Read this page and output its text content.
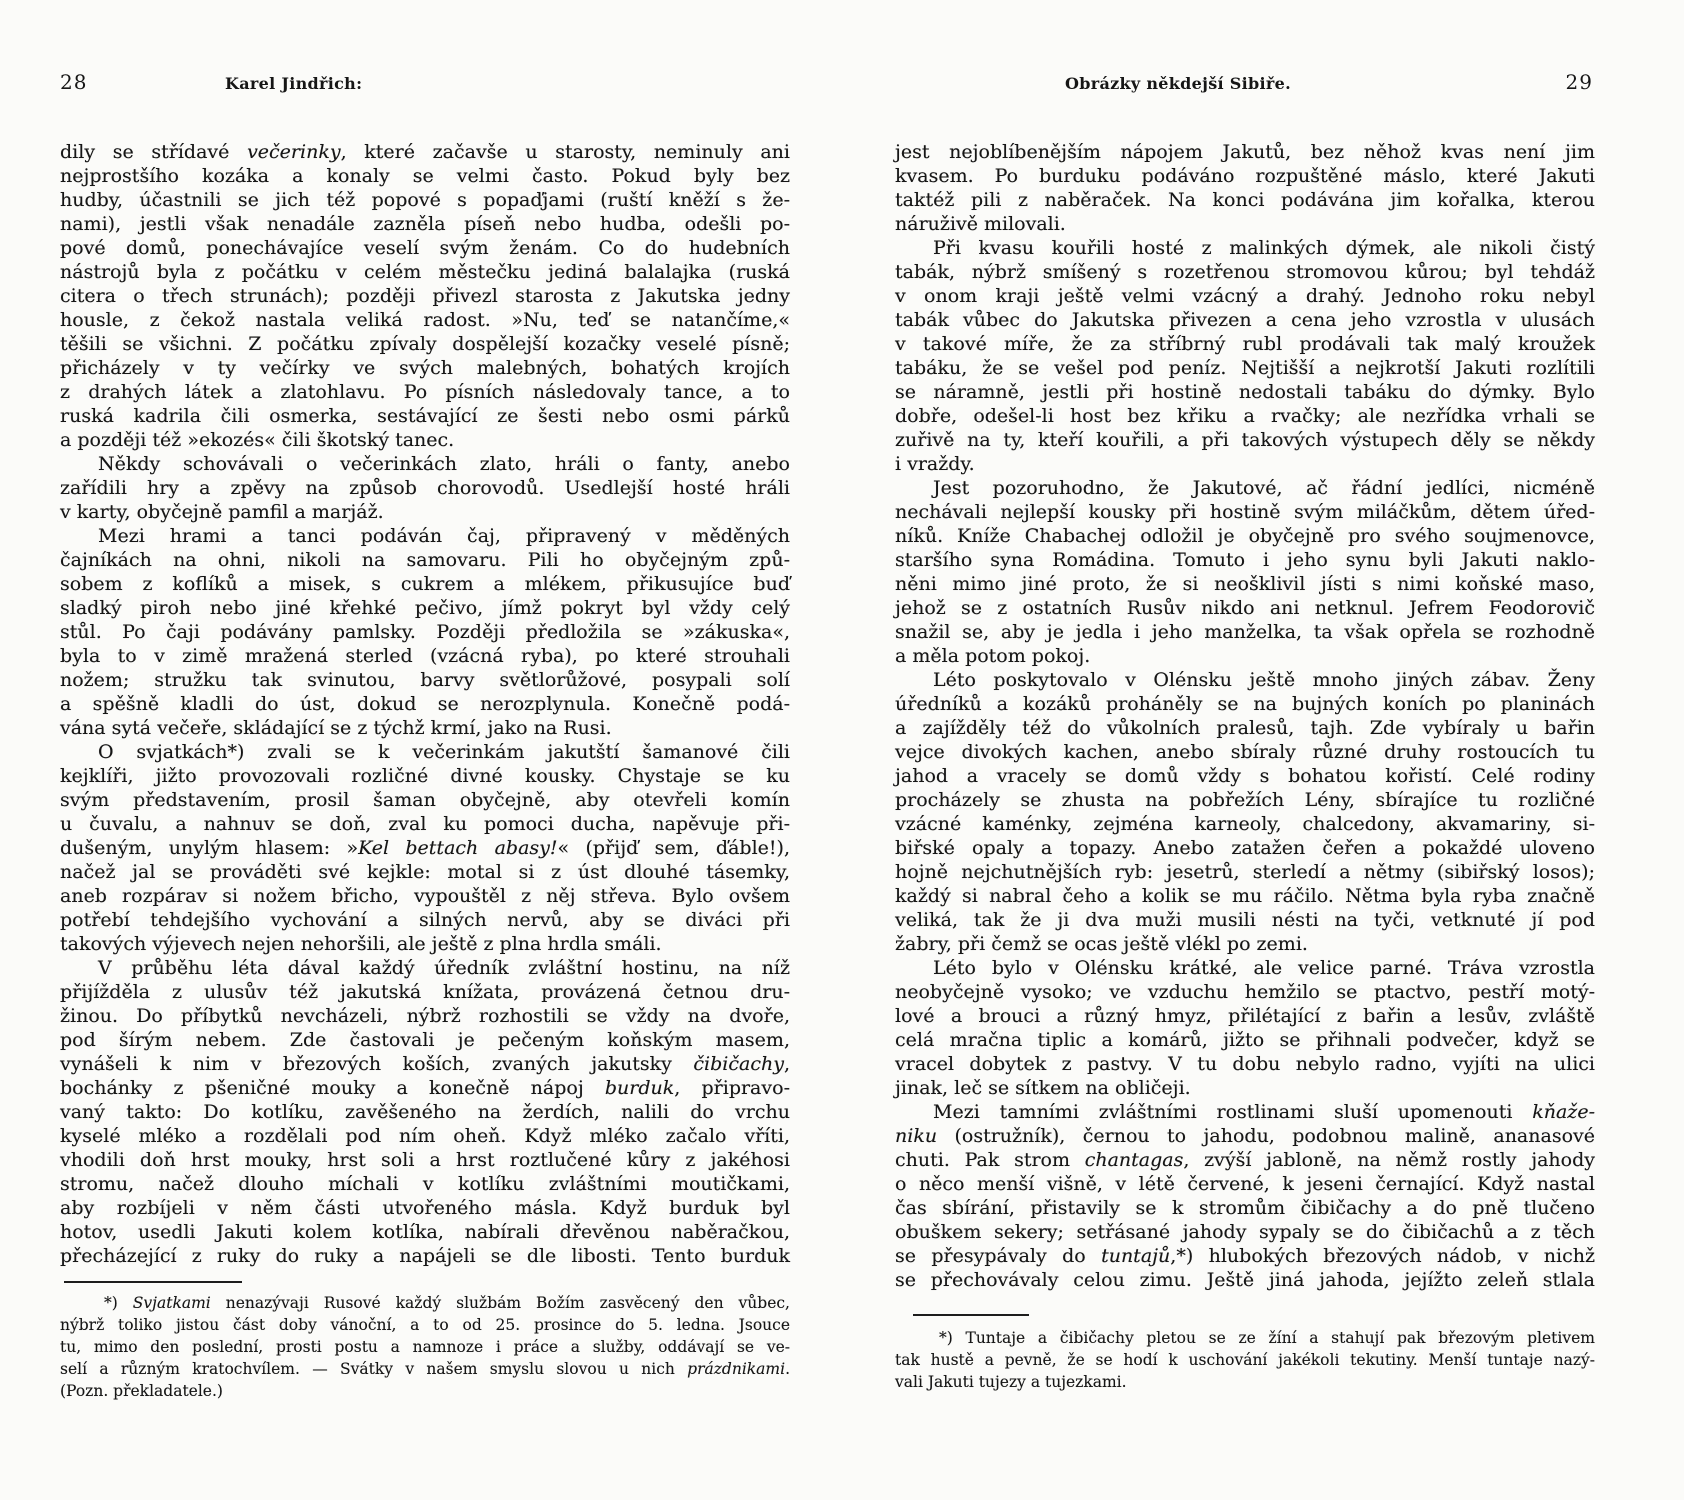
28	Karel Jindřich:
dily se střídavé večerinky, které začavše u starosty, neminuly ani
nejprostšího kozáka a konaly se velmi často. Pokud byly bez
hudby, účastnili se jich též popové s popaďjami (ruští kněží s že-
nami), jestli však nenadále zazněla píseň nebo hudba, odešli po-
pové domů, ponechávajíce veselí svým ženám. Co do hudebních
nástrojů byla z počátku v celém městečku jediná balalajka (ruská
citera o třech strunách); později přivezl starosta z Jakutska jedny
housle, z čekož nastala veliká radost. »Nu, teď se natančíme,«
těšili se všichni. Z počátku zpívaly dospělejší kozačky veselé písně;
přicházely v ty večírky ve svých malebných, bohatých krojích
z drahých látek a zlatohlavu. Po písních následovaly tance, a to
ruská kadrila čili osmerka, sestávající ze šesti nebo osmi párků
a později též »ekozés« čili škotský tanec.
Někdy schovávali o večerinkách zlato, hráli o fanty, anebo
zařídili hry a zpěvy na způsob chorovodů. Usedlejší hosté hráli
v karty, obyčejně pamfil a marjáž.
Mezi hrami a tanci podáván čaj, připravený v měděných
čajníkách na ohni, nikoli na samovaru. Pili ho obyčejným způ-
sobem z koflíků a misek, s cukrem a mlékem, přikusujíce buď
sladký piroh nebo jiné křehké pečivo, jímž pokryt byl vždy celý
stůl. Po čaji podávány pamlsky. Později předložila se »zákuska«,
byla to v zimě mražená sterled (vzácná ryba), po které strouhali
nožem; stružku tak svinutou, barvy světlorůžové, posypali solí
a spěšně kladli do úst, dokud se nerozplynula. Konečně podá-
vána sytá večeře, skládající se z týchž krmí, jako na Rusi.
O svjatkách*) zvali se k večerinkám jakutští šamanové čili
kejklíři, jižto provozovali rozličné divné kousky. Chystaje se ku
svým představením, prosil šaman obyčejně, aby otevřeli komín
u čuvalu, a nahnuv se doň, zval ku pomoci ducha, napěvuje při-
dušeným, unylým hlasem: »Kel bettach abasy!« (přijď sem, ďáble!),
načež jal se prováděti své kejkle: motal si z úst dlouhé tásemky,
aneb rozpárav si nožem břicho, vypouštěl z něj střeva. Bylo ovšem
potřebí tehdejšího vychování a silných nervů, aby se diváci při
takových výjevech nejen nehoršili, ale ještě z plna hrdla smáli.
V průběhu léta dával každý úředník zvláštní hostinu, na níž
přijížděla z ulusův též jakutská knížata, provázená četnou dru-
žinou. Do příbytků nevcházeli, nýbrž rozhostili se vždy na dvoře,
pod šírým nebem. Zde častovali je pečeným koňským masem,
vynášeli k nim v březových koších, zvaných jakutsky čibičachy,
bochánky z pšeničné mouky a konečně nápoj burduk, připravo-
vaný takto: Do kotlíku, zavěšeného na žerdích, nalili do vrchu
kyselé mléko a rozdělali pod ním oheň. Když mléko začalo vříti,
vhodili doň hrst mouky, hrst soli a hrst roztlučené kůry z jakéhosi
stromu, načež dlouho míchali v kotlíku zvláštními moutičkami,
aby rozbíjeli v něm části utvořeného másla. Když burduk byl
hotov, usedli Jakuti kolem kotlíka, nabírali dřevěnou naběračkou,
přecházející z ruky do ruky a napájeli se dle libosti. Tento burduk
*) Svjatkami nenazývaji Rusové každý službám Božím zasvěcený den vůbec,
nýbrž toliko jistou část doby vánoční, a to od 25. prosince do 5. ledna. Jsouce
tu, mimo den poslední, prosti postu a namnoze i práce a služby, oddávají se ve-
selí a různým kratochvílem. — Svátky v našem smyslu slovou u nich prázdnikami.
(Pozn. překladatele.)
29
Obrázky někdejší Sibiře.
jest nejoblíbenějším nápojem Jakutů, bez něhož kvas není jim
kvasem. Po burduku podáváno rozpuštěné máslo, které Jakuti
taktéž pili z naběraček. Na konci podávána jim kořalka, kterou
náruživě milovali.
Při kvasu kouřili hosté z malinkých dýmek, ale nikoli čistý
tabák, nýbrž smíšený s rozetřenou stromovou kůrou; byl tehdáž
v onom kraji ještě velmi vzácný a drahý. Jednoho roku nebyl
tabák vůbec do Jakutska přivezen a cena jeho vzrostla v ulusách
v takové míře, že za stříbrný rubl prodávali tak malý kroužek
tabáku, že se vešel pod peníz. Nejtišší a nejkrotší Jakuti rozlítili
se náramně, jestli při hostině nedostali tabáku do dýmky. Bylo
dobře, odešel-li host bez křiku a rvačky; ale nezřídka vrhali se
zuřivě na ty, kteří kouřili, a při takových výstupech děly se někdy
i vraždy.
Jest pozoruhodno, že Jakutové, ač řádní jedlíci, nicméně
nechávali nejlepší kousky při hostině svým miláčkům, dětem úřed-
níků. Kníže Chabachej odložil je obyčejně pro svého soujmenovce,
staršího syna Romádina. Tomuto i jeho synu byli Jakuti naklo-
něni mimo jiné proto, že si neošklivil jísti s nimi koňské maso,
jehož se z ostatních Rusův nikdo ani netknul. Jefrem Feodorovič
snažil se, aby je jedla i jeho manželka, ta však opřela se rozhodně
a měla potom pokoj.
Léto poskytovalo v Olénsku ještě mnoho jiných zábav. Ženy
úředníků a kozáků proháněly se na bujných koních po planinách
a zajížděly též do vůkolních pralesů, tajh. Zde vybíraly u bařin
vejce divokých kachen, anebo sbíraly různé druhy rostoucích tu
jahod a vracely se domů vždy s bohatou kořistí. Celé rodiny
procházely se zhusta na pobřežích Lény, sbírajíce tu rozličné
vzácné kaménky, zejména karneoly, chalcedony, akvamariny, si-
biřské opaly a topazy. Anebo zatažen čeřen a pokaždé uloveno
hojně nejchutnějších ryb: jesetrů, sterledí a nětmy (sibiřský losos);
každý si nabral čeho a kolik se mu ráčilo. Nětma byla ryba značně
veliká, tak že ji dva muži musili nésti na tyči, vetknuté jí pod
žabry, při čemž se ocas ještě vlékl po zemi.
Léto bylo v Olénsku krátké, ale velice parné. Tráva vzrostla
neobyčejně vysoko; ve vzduchu hemžilo se ptactvo, pestří motý-
lové a brouci a různý hmyz, přilétající z bařin a lesův, zvláště
celá mračna tiplic a komárů, jižto se přihnali podvečer, když se
vracel dobytek z pastvy. V tu dobu nebylo radno, vyjíti na ulici
jinak, leč se sítkem na obličeji.
Mezi tamními zvláštními rostlinami sluší upomenouti kňaže-
niku (ostružník), černou to jahodu, podobnou malině, ananasové
chuti. Pak strom chantagas, zvýší jabloně, na němž rostly jahody
o něco menší višně, v létě červené, k jeseni černající. Když nastal
čas sbírání, přistavily se k stromům čibičachy a do pně tlučeno
obuškem sekery; setřásané jahody sypaly se do čibičachů a z těch
se přesypávaly do tuntajů,*) hlubokých březových nádob, v nichž
se přechovávaly celou zimu. Ještě jiná jahoda, jejížto zeleň stlala
*) Tuntaje a čibičachy pletou se ze žíní a stahují pak březovým pletivem
tak hustě a pevně, že se hodí k uschování jakékoli tekutiny. Menší tuntaje nazý-
vali Jakuti tujezy a tujezkami.
